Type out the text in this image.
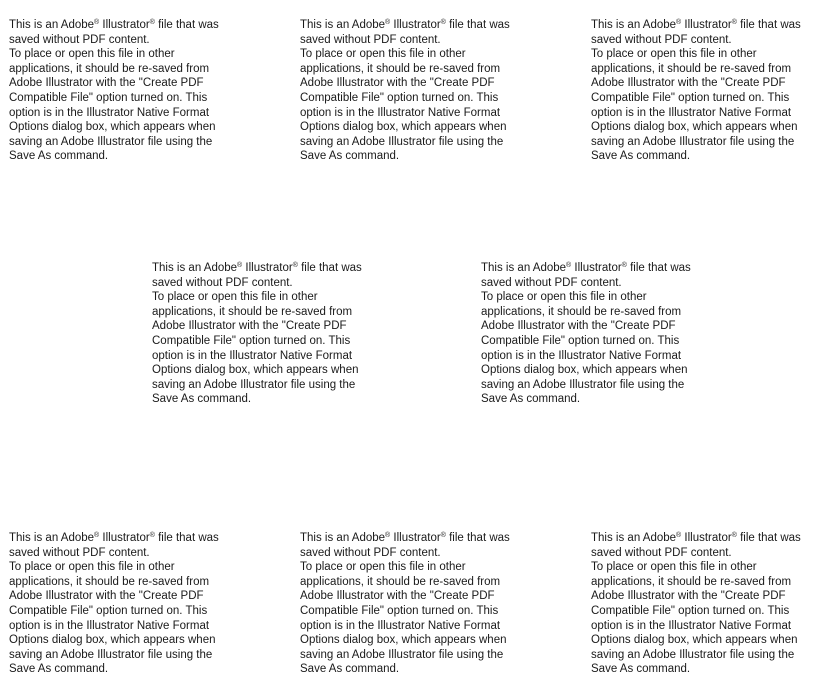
This is an Adobe® Illustrator® file that was
saved without PDF content.
To place or open this file in other
applications, it should be re-saved from
Adobe Illustrator with the "Create PDF
Compatible File" option turned on. This
option is in the Illustrator Native Format
Options dialog box, which appears when
saving an Adobe Illustrator file using the
Save As command.
This is an Adobe® Illustrator® file that was
saved without PDF content.
To place or open this file in other
applications, it should be re-saved from
Adobe Illustrator with the "Create PDF
Compatible File" option turned on. This
option is in the Illustrator Native Format
Options dialog box, which appears when
saving an Adobe Illustrator file using the
Save As command.
This is an Adobe® Illustrator® file that was
saved without PDF content.
To place or open this file in other
applications, it should be re-saved from
Adobe Illustrator with the "Create PDF
Compatible File" option turned on. This
option is in the Illustrator Native Format
Options dialog box, which appears when
saving an Adobe Illustrator file using the
Save As command.
This is an Adobe® Illustrator® file that was
saved without PDF content.
To place or open this file in other
applications, it should be re-saved from
Adobe Illustrator with the "Create PDF
Compatible File" option turned on. This
option is in the Illustrator Native Format
Options dialog box, which appears when
saving an Adobe Illustrator file using the
Save As command.
This is an Adobe® Illustrator® file that was
saved without PDF content.
To place or open this file in other
applications, it should be re-saved from
Adobe Illustrator with the "Create PDF
Compatible File" option turned on. This
option is in the Illustrator Native Format
Options dialog box, which appears when
saving an Adobe Illustrator file using the
Save As command.
This is an Adobe® Illustrator® file that was
saved without PDF content.
To place or open this file in other
applications, it should be re-saved from
Adobe Illustrator with the "Create PDF
Compatible File" option turned on. This
option is in the Illustrator Native Format
Options dialog box, which appears when
saving an Adobe Illustrator file using the
Save As command.
This is an Adobe® Illustrator® file that was
saved without PDF content.
To place or open this file in other
applications, it should be re-saved from
Adobe Illustrator with the "Create PDF
Compatible File" option turned on. This
option is in the Illustrator Native Format
Options dialog box, which appears when
saving an Adobe Illustrator file using the
Save As command.
This is an Adobe® Illustrator® file that was
saved without PDF content.
To place or open this file in other
applications, it should be re-saved from
Adobe Illustrator with the "Create PDF
Compatible File" option turned on. This
option is in the Illustrator Native Format
Options dialog box, which appears when
saving an Adobe Illustrator file using the
Save As command.
